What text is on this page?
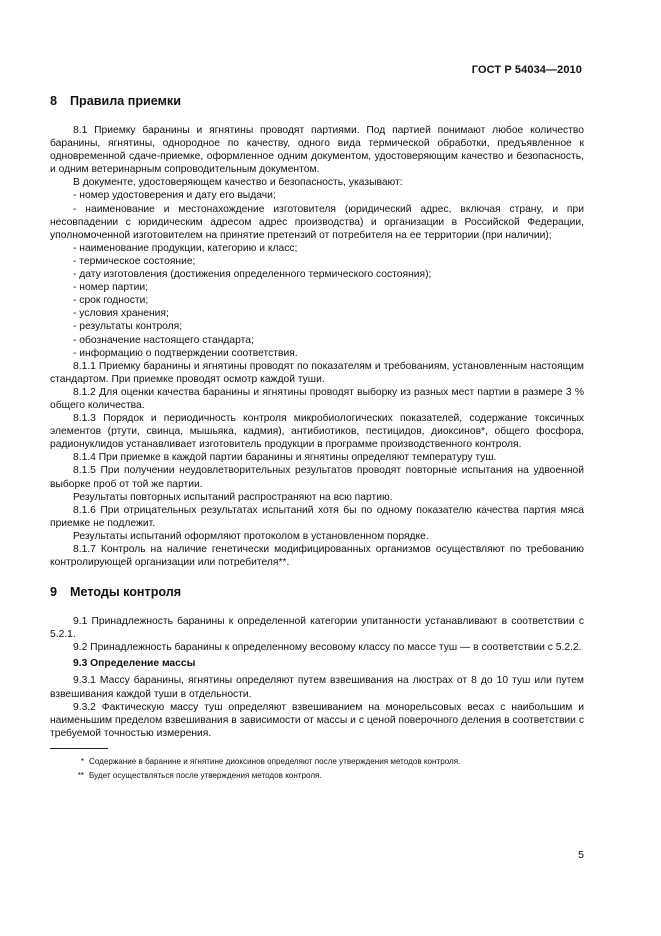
ГОСТ Р 54034—2010
8 Правила приемки

8.1 Приемку баранины и ягнятины проводят партиями. Под партией понимают любое количество баранины, ягнятины, однородное по качеству, одного вида термической обработки, предъявленное к одновременной сдаче-приемке, оформленное одним документом, удостоверяющим качество и безопасность, и одним ветеринарным сопроводительным документом.

В документе, удостоверяющем качество и безопасность, указывают:

- номер удостоверения и дату его выдачи;

- наименование и местонахождение изготовителя (юридический адрес, включая страну, и при несовпадении с юридическим адресом адрес производства) и организации в Российской Федерации, уполномоченной изготовителем на принятие претензий от потребителя на ее территории (при наличии);

- наименование продукции, категорию и класс;

- термическое состояние;

- дату изготовления (достижения определенного термического состояния);

- номер партии;

- срок годности;

- условия хранения;

- результаты контроля;

- обозначение настоящего стандарта;

- информацию о подтверждении соответствия.

8.1.1 Приемку баранины и ягнятины проводят по показателям и требованиям, установленным настоящим стандартом. При приемке проводят осмотр каждой туши.

8.1.2 Для оценки качества баранины и ягнятины проводят выборку из разных мест партии в размере 3 % общего количества.

8.1.3 Порядок и периодичность контроля микробиологических показателей, содержание токсичных элементов (ртути, свинца, мышьяка, кадмия), антибиотиков, пестицидов, диоксинов*, общего фосфора, радионуклидов устанавливает изготовитель продукции в программе производственного контроля.

8.1.4 При приемке в каждой партии баранины и ягнятины определяют температуру туш.

8.1.5 При получении неудовлетворительных результатов проводят повторные испытания на удвоенной выборке проб от той же партии.

Результаты повторных испытаний распространяют на всю партию.

8.1.6 При отрицательных результатах испытаний хотя бы по одному показателю качества партия мяса приемке не подлежит.

Результаты испытаний оформляют протоколом в установленном порядке.

8.1.7 Контроль на наличие генетически модифицированных организмов осуществляют по требованию контролирующей организации или потребителя**.

9 Методы контроля

9.1 Принадлежность баранины к определенной категории упитанности устанавливают в соответствии с 5.2.1.

9.2 Принадлежность баранины к определенному весовому классу по массе туш — в соответствии с 5.2.2.

9.3 Определение массы

9.3.1 Массу баранины, ягнятины определяют путем взвешивания на люстрах от 8 до 10 туш или путем взвешивания каждой туши в отдельности.

9.3.2 Фактическую массу туш определяют взвешиванием на монорельсовых весах с наибольшим и наименьшим пределом взвешивания в зависимости от массы и с ценой поверочного деления в соответствии с требуемой точностью измерения.

* Содержание в баранине и ягнятине диоксинов определяют после утверждения методов контроля.

** Будет осуществляться после утверждения методов контроля.

5
